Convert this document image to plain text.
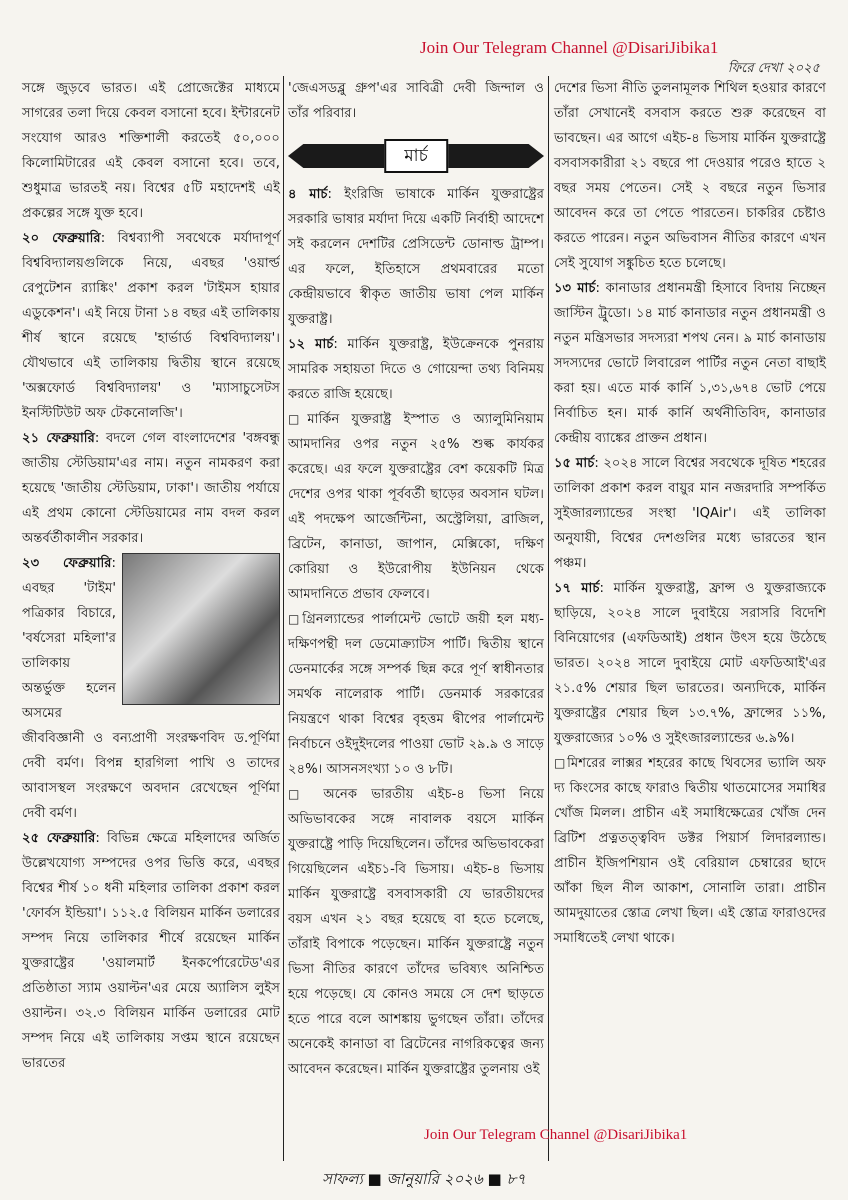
Join Our Telegram Channel @DisariJibika1
ফিরে দেখা ২০২৫

সঙ্গে জুড়বে ভারত। এই প্রোজেক্টের মাধ্যমে সাগরের তলা দিয়ে কেবল বসানো হবে। ইন্টারনেট সংযোগ আরও শক্তিশালী করতেই ৫০,০০০ কিলোমিটারের এই কেবল বসানো হবে। তবে, শুধুমাত্র ভারতই নয়। বিশ্বের ৫টি মহাদেশই এই প্রকল্পের সঙ্গে যুক্ত হবে।

২০ ফেব্রুয়ারি: বিশ্বব্যাপী সবথেকে মর্যাদাপূর্ণ বিশ্ববিদ্যালয়গুলিকে নিয়ে, এবছর 'ওয়ার্ল্ড রেপুটেশন র‍্যাঙ্কিং' প্রকাশ করল 'টাইমস হায়ার এডুকেশন'। এই নিয়ে টানা ১৪ বছর এই তালিকায় শীর্ষ স্থানে রয়েছে 'হার্ভার্ড বিশ্ববিদ্যালয়'। যৌথভাবে এই তালিকায় দ্বিতীয় স্থানে রয়েছে 'অক্সফোর্ড বিশ্ববিদ্যালয়' ও 'ম্যাসাচুসেটস ইনস্টিটিউট অফ টেকনোলজি'।

২১ ফেব্রুয়ারি: বদলে গেল বাংলাদেশের 'বঙ্গবন্ধু জাতীয় স্টেডিয়াম'এর নাম। নতুন নামকরণ করা হয়েছে 'জাতীয় স্টেডিয়াম, ঢাকা'। জাতীয় পর্যায়ে এই প্রথম কোনো স্টেডিয়ামের নাম বদল করল অন্তর্বর্তীকালীন সরকার।

২৩ ফেব্রুয়ারি: এবছর 'টাইম' পত্রিকার বিচারে, 'বর্ষসেরা মহিলা'র তালিকায় অন্তর্ভুক্ত হলেন অসমের জীববিজ্ঞানী ও বন্যপ্রাণী সংরক্ষণবিদ ড.পূর্ণিমা দেবী বর্মণ। বিপন্ন হারগিলা পাখি ও তাদের আবাসস্থল সংরক্ষণে অবদান রেখেছেন পূর্ণিমা দেবী বর্মণ।

২৫ ফেব্রুয়ারি: বিভিন্ন ক্ষেত্রে মহিলাদের অর্জিত উল্লেখযোগ্য সম্পদের ওপর ভিত্তি করে, এবছর বিশ্বের শীর্ষ ১০ ধনী মহিলার তালিকা প্রকাশ করল 'ফোর্বস ইন্ডিয়া'। ১১২.৫ বিলিয়ন মার্কিন ডলারের সম্পদ নিয়ে তালিকার শীর্ষে রয়েছেন মার্কিন যুক্তরাষ্ট্রের 'ওয়ালমার্ট ইনকর্পোরেটেড'এর প্রতিষ্ঠাতা স্যাম ওয়াল্টন'এর মেয়ে অ্যালিস লুইস ওয়াল্টন। ৩২.৩ বিলিয়ন মার্কিন ডলারের মোট সম্পদ নিয়ে এই তালিকায় সপ্তম স্থানে রয়েছেন ভারতের

'জেএসডব্লু গ্রুপ'এর সাবিত্রী দেবী জিন্দাল ও তাঁর পরিবার।

মার্চ

৪ মার্চ: ইংরিজি ভাষাকে মার্কিন যুক্তরাষ্ট্রের সরকারি ভাষার মর্যাদা দিয়ে একটি নির্বাহী আদেশে সই করলেন দেশটির প্রেসিডেন্ট ডোনাল্ড ট্রাম্প। এর ফলে, ইতিহাসে প্রথমবারের মতো কেন্দ্রীয়ভাবে স্বীকৃত জাতীয় ভাষা পেল মার্কিন যুক্তরাষ্ট্র।

১২ মার্চ: মার্কিন যুক্তরাষ্ট্র, ইউক্রেনকে পুনরায় সামরিক সহায়তা দিতে ও গোয়েন্দা তথ্য বিনিময় করতে রাজি হয়েছে।

□মার্কিন যুক্তরাষ্ট্র ইস্পাত ও অ্যালুমিনিয়াম আমদানির ওপর নতুন ২৫% শুল্ক কার্যকর করেছে। এর ফলে যুক্তরাষ্ট্রের বেশ কয়েকটি মিত্র দেশের ওপর থাকা পূর্ববর্তী ছাড়ের অবসান ঘটল। এই পদক্ষেপ আর্জেন্টিনা, অস্ট্রেলিয়া, ব্রাজিল, ব্রিটেন, কানাডা, জাপান, মেক্সিকো, দক্ষিণ কোরিয়া ও ইউরোপীয় ইউনিয়ন থেকে আমদানিতে প্রভাব ফেলবে।

□গ্রিনল্যান্ডের পার্লামেন্ট ভোটে জয়ী হল মধ্য-দক্ষিণপন্থী দল ডেমোক্র্যাটস পার্টি। দ্বিতীয় স্থানে ডেনমার্কের সঙ্গে সম্পর্ক ছিন্ন করে পূর্ণ স্বাধীনতার সমর্থক নালেরাক পার্টি। ডেনমার্ক সরকারের নিয়ন্ত্রণে থাকা বিশ্বের বৃহত্তম দ্বীপের পার্লামেন্ট নির্বাচনে ওইদুইদলের পাওয়া ভোট ২৯.৯ ও সাড়ে ২৪%। আসনসংখ্যা ১০ ও ৮টি।

□ অনেক ভারতীয় এইচ-৪ ভিসা নিয়ে অভিভাবকের সঙ্গে নাবালক বয়সে মার্কিন যুক্তরাষ্ট্রে পাড়ি দিয়েছিলেন। তাঁদের অভিভাবকেরা গিয়েছিলেন এইচ১-বি ভিসায়। এইচ-৪ ভিসায় মার্কিন যুক্তরাষ্ট্রে বসবাসকারী যে ভারতীয়দের বয়স এখন ২১ বছর হয়েছে বা হতে চলেছে, তাঁরাই বিপাকে পড়েছেন। মার্কিন যুক্তরাষ্ট্রে নতুন ভিসা নীতির কারণে তাঁদের ভবিষ্যৎ অনিশ্চিত হয়ে পড়েছে। যে কোনও সময়ে সে দেশ ছাড়তে হতে পারে বলে আশঙ্কায় ভুগছেন তাঁরা। তাঁদের অনেকেই কানাডা বা ব্রিটেনের নাগরিকত্বের জন্য আবেদন করেছেন। মার্কিন যুক্তরাষ্ট্রের তুলনায় ওই

দেশের ভিসা নীতি তুলনামূলক শিথিল হওয়ার কারণে তাঁরা সেখানেই বসবাস করতে শুরু করেছেন বা ভাবছেন। এর আগে এইচ-৪ ভিসায় মার্কিন যুক্তরাষ্ট্রে বসবাসকারীরা ২১ বছরে পা দেওয়ার পরেও হাতে ২ বছর সময় পেতেন। সেই ২ বছরে নতুন ভিসার আবেদন করে তা পেতে পারতেন। চাকরির চেষ্টাও করতে পারেন। নতুন অভিবাসন নীতির কারণে এখন সেই সুযোগ সঙ্কুচিত হতে চলেছে।

১৩ মার্চ: কানাডার প্রধানমন্ত্রী হিসাবে বিদায় নিচ্ছেন জাস্টিন ট্রুডো। ১৪ মার্চ কানাডার নতুন প্রধানমন্ত্রী ও নতুন মন্ত্রিসভার সদস্যরা শপথ নেন। ৯ মার্চ কানাডায় সদস্যদের ভোটে লিবারেল পার্টির নতুন নেতা বাছাই করা হয়। এতে মার্ক কার্নি ১,৩১,৬৭৪ ভোট পেয়ে নির্বাচিত হন। মার্ক কার্নি অর্থনীতিবিদ, কানাডার কেন্দ্রীয় ব্যাঙ্কের প্রাক্তন প্রধান।

১৫ মার্চ: ২০২৪ সালে বিশ্বের সবথেকে দূষিত শহরের তালিকা প্রকাশ করল বায়ুর মান নজরদারি সম্পর্কিত সুইজারল্যান্ডের সংস্থা 'IQAir'। এই তালিকা অনুযায়ী, বিশ্বের দেশগুলির মধ্যে ভারতের স্থান পঞ্চম।

১৭ মার্চ: মার্কিন যুক্তরাষ্ট্র, ফ্রান্স ও যুক্তরাজ্যকে ছাড়িয়ে, ২০২৪ সালে দুবাইয়ে সরাসরি বিদেশি বিনিয়োগের (এফডিআই) প্রধান উৎস হয়ে উঠেছে ভারত। ২০২৪ সালে দুবাইয়ে মোট এফডিআই'এর ২১.৫% শেয়ার ছিল ভারতের। অন্যদিকে, মার্কিন যুক্তরাষ্ট্রের শেয়ার ছিল ১৩.৭%, ফ্রান্সের ১১%, যুক্তরাজ্যের ১০% ও সুইৎজারল্যান্ডের ৬.৯%।

□মিশরের লাক্সর শহরের কাছে থিবসের ভ্যালি অফ দ্য কিংসের কাছে ফারাও দ্বিতীয় থাতমোসের সমাধির খোঁজ মিলল। প্রাচীন এই সমাধিক্ষেত্রের খোঁজ দেন ব্রিটিশ প্রত্নতত্ত্ববিদ ডক্টর পিয়ার্স লিদারল্যান্ড। প্রাচীন ইজিপশিয়ান ওই বেরিয়াল চেম্বারের ছাদে আঁকা ছিল নীল আকাশ, সোনালি তারা। প্রাচীন আমদুয়াতের স্তোত্র লেখা ছিল। এই স্তোত্র ফারাওদের সমাধিতেই লেখা থাকে।

Join Our Telegram Channel @DisariJibika1
সাফল্য ■ জানুয়ারি ২০২৬ ■ ৮৭
